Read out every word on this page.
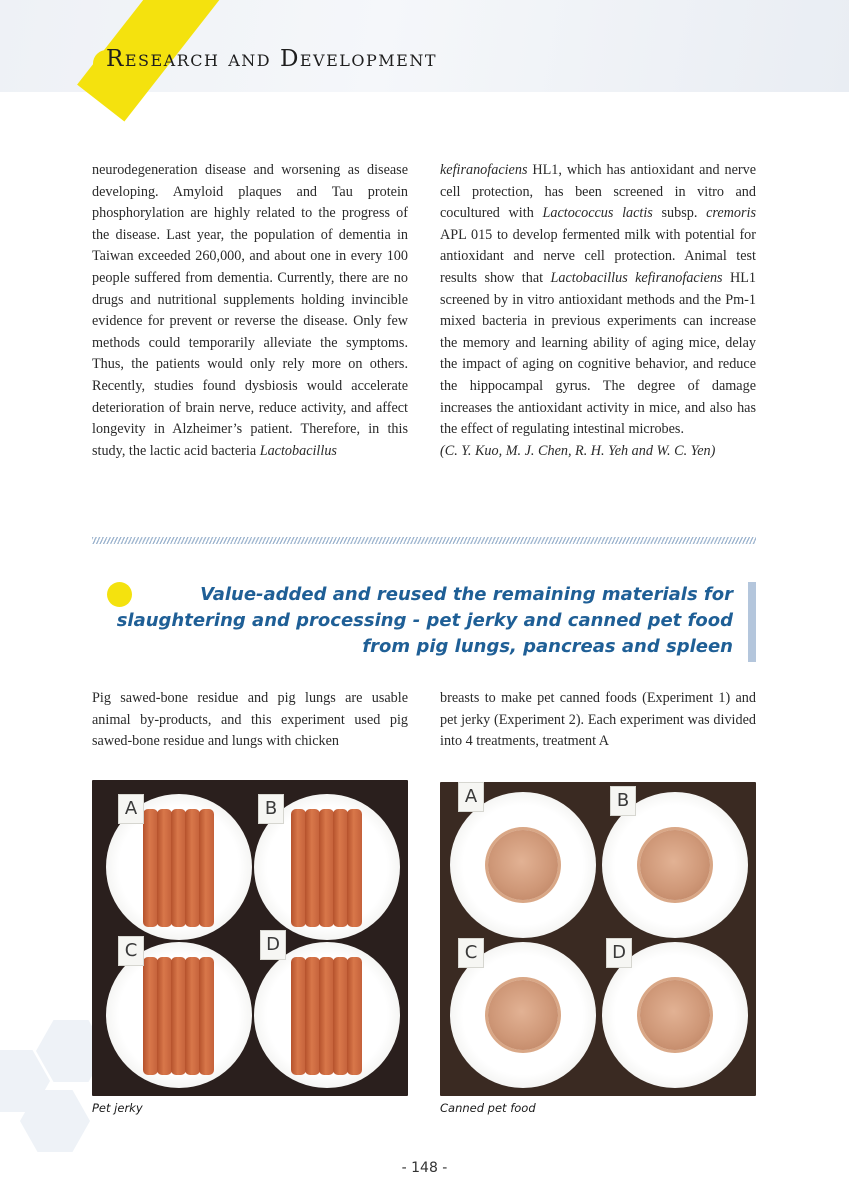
Research and Development

neurodegeneration disease and worsening as disease developing. Amyloid plaques and Tau protein phosphorylation are highly related to the progress of the disease. Last year, the population of dementia in Taiwan exceeded 260,000, and about one in every 100 people suffered from dementia. Currently, there are no drugs and nutritional supplements holding invincible evidence for prevent or reverse the disease. Only few methods could temporarily alleviate the symptoms. Thus, the patients would only rely more on others. Recently, studies found dysbiosis would accelerate deterioration of brain nerve, reduce activity, and affect longevity in Alzheimer’s patient. Therefore, in this study, the lactic acid bacteria Lactobacillus

kefiranofaciens HL1, which has antioxidant and nerve cell protection, has been screened in vitro and cocultured with Lactococcus lactis subsp. cremoris APL 015 to develop fermented milk with potential for antioxidant and nerve cell protection. Animal test results show that Lactobacillus kefiranofaciens HL1 screened by in vitro antioxidant methods and the Pm-1 mixed bacteria in previous experiments can increase the memory and learning ability of aging mice, delay the impact of aging on cognitive behavior, and reduce the hippocampal gyrus. The degree of damage increases the antioxidant activity in mice, and also has the effect of regulating intestinal microbes.

(C. Y. Kuo, M. J. Chen, R. H. Yeh and W. C. Yen)

Value-added and reused the remaining materials for slaughtering and processing - pet jerky and canned pet food from pig lungs, pancreas and spleen

Pig sawed-bone residue and pig lungs are usable animal by-products, and this experiment used pig sawed-bone residue and lungs with chicken

breasts to make pet canned foods (Experiment 1) and pet jerky (Experiment 2). Each experiment was divided into 4 treatments, treatment A

A	B
C	D
A	B
C	D

Pet jerky	Canned pet food

- 148 -
